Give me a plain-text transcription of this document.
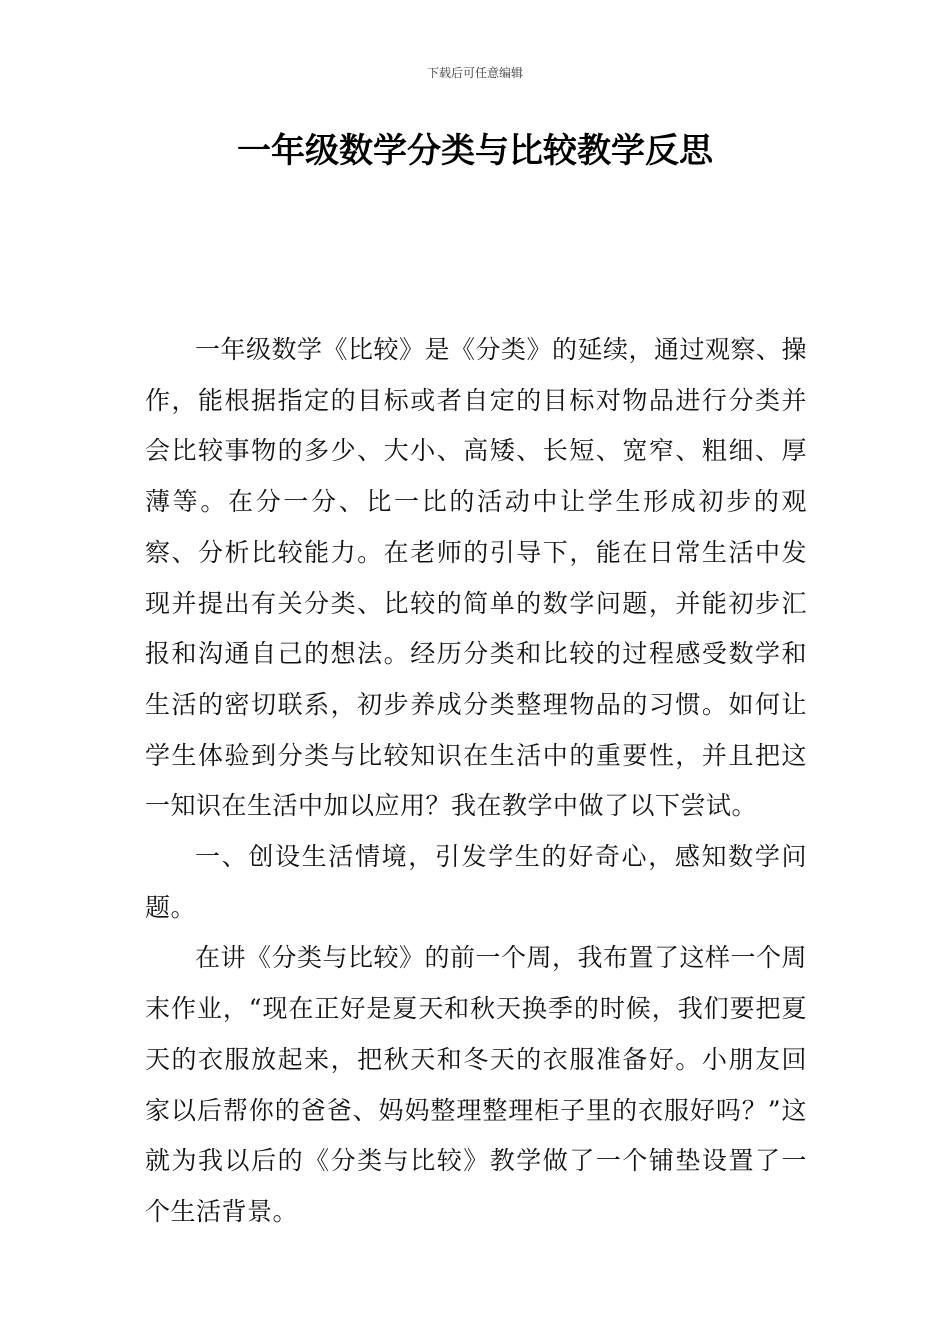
下载后可任意编辑
一年级数学分类与比较教学反思

一年级数学《比较》是《分类》的延续，通过观察、操作，能根据指定的目标或者自定的目标对物品进行分类并会比较事物的多少、大小、高矮、长短、宽窄、粗细、厚薄等。在分一分、比一比的活动中让学生形成初步的观察、分析比较能力。在老师的引导下，能在日常生活中发现并提出有关分类、比较的简单的数学问题，并能初步汇报和沟通自己的想法。经历分类和比较的过程感受数学和生活的密切联系，初步养成分类整理物品的习惯。如何让学生体验到分类与比较知识在生活中的重要性，并且把这一知识在生活中加以应用？我在教学中做了以下尝试。

一、创设生活情境，引发学生的好奇心，感知数学问题。

在讲《分类与比较》的前一个周，我布置了这样一个周末作业，“现在正好是夏天和秋天换季的时候，我们要把夏天的衣服放起来，把秋天和冬天的衣服准备好。小朋友回家以后帮你的爸爸、妈妈整理整理柜子里的衣服好吗？”这就为我以后的《分类与比较》教学做了一个铺垫设置了一个生活背景。
